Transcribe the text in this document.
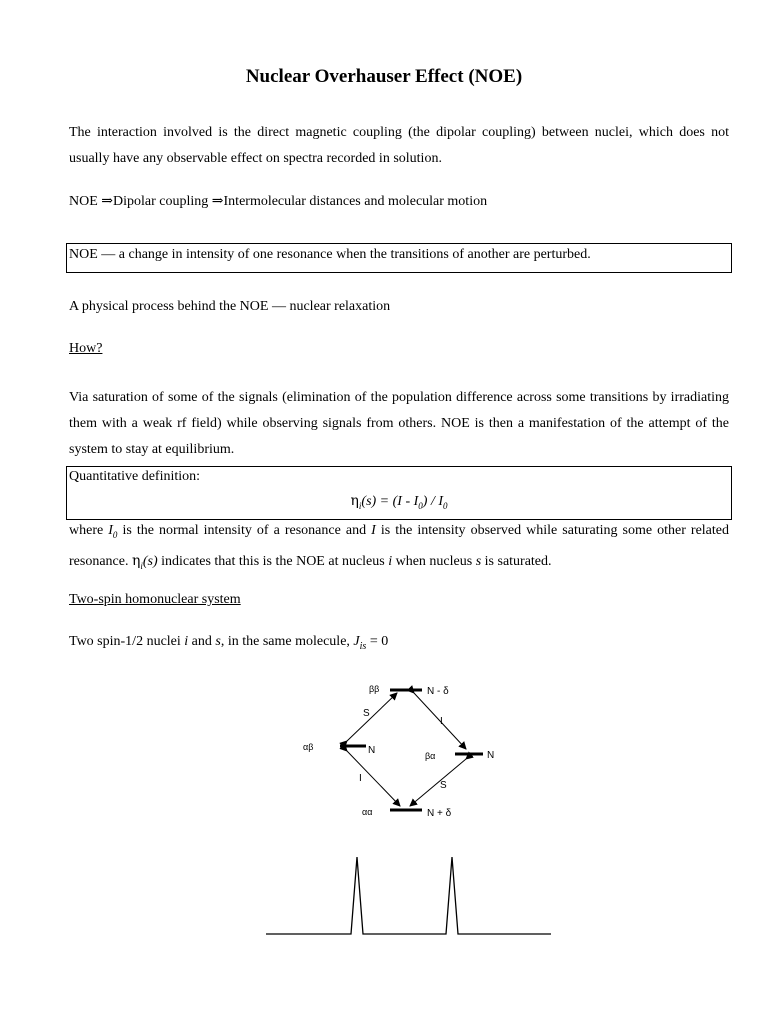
Nuclear Overhauser Effect (NOE)
The interaction involved is the direct magnetic coupling (the dipolar coupling) between nuclei, which does not usually have any observable effect on spectra recorded in solution.
NOE ⇒Dipolar coupling ⇒Intermolecular distances and molecular motion
NOE — a change in intensity of one resonance when the transitions of another are perturbed.
A physical process behind the NOE — nuclear relaxation
How?
Via saturation of some of the signals (elimination of the population difference across some transitions by irradiating them with a weak rf field) while observing signals from others. NOE is then a manifestation of the attempt of the system to stay at equilibrium.
Quantitative definition:
$\eta_i(s) = (I - I_0) / I_0$
where $I_0$ is the normal intensity of a resonance and I is the intensity observed while saturating some other related resonance. $\eta_i(s)$ indicates that this is the NOE at nucleus i when nucleus s is saturated.
Two-spin homonuclear system
Two spin-1/2 nuclei i and s, in the same molecule, $J_{is} = 0$
ββ	N - δ
S
I
αβ	N	βα	N
I
S
αα	N + δ
